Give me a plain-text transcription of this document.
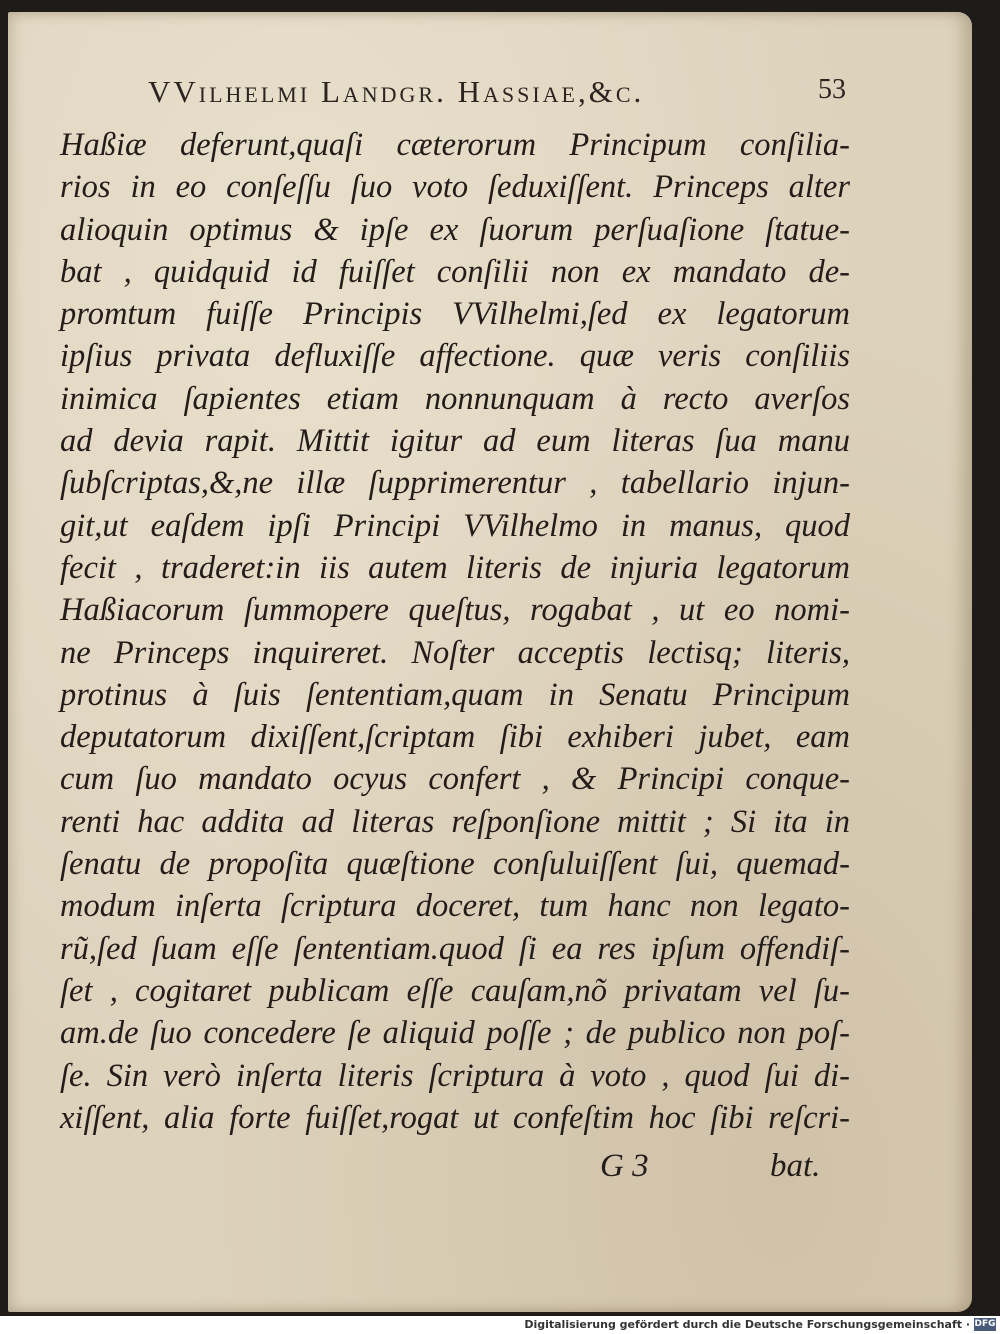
VVilhelmi Landgr. Hassiae,&c.	53
Haßiæ deferunt,quaſi cæterorum Principum conſilia-
rios in eo conſeſſu ſuo voto ſeduxiſſent. Princeps alter
alioquin optimus & ipſe ex ſuorum perſuaſione ſtatue-
bat , quidquid id fuiſſet conſilii non ex mandato de-
promtum fuiſſe Principis VVilhelmi,ſed ex legatorum
ipſius privata defluxiſſe affectione. quæ veris conſiliis
inimica ſapientes etiam nonnunquam à recto averſos
ad devia rapit. Mittit igitur ad eum literas ſua manu
ſubſcriptas,&,ne illæ ſupprimerentur , tabellario injun-
git,ut eaſdem ipſi Principi VVilhelmo in manus, quod
fecit , traderet:in iis autem literis de injuria legatorum
Haßiacorum ſummopere queſtus, rogabat , ut eo nomi-
ne Princeps inquireret. Noſter acceptis lectisq; literis,
protinus à ſuis ſententiam,quam in Senatu Principum
deputatorum dixiſſent,ſcriptam ſibi exhiberi jubet, eam
cum ſuo mandato ocyus confert , & Principi conque-
renti hac addita ad literas reſponſione mittit ; Si ita in
ſenatu de propoſita quæſtione conſuluiſſent ſui, quemad-
modum inſerta ſcriptura doceret, tum hanc non legato-
rũ,ſed ſuam eſſe ſententiam.quod ſi ea res ipſum offendiſ-
ſet , cogitaret publicam eſſe cauſam,nõ privatam vel ſu-
am.de ſuo concedere ſe aliquid poſſe ; de publico non poſ-
ſe. Sin verò inſerta literis ſcriptura à voto , quod ſui di-
xiſſent, alia forte fuiſſet,rogat ut confeſtim hoc ſibi reſcri-
G 3	bat.
Digitalisierung gefördert durch die Deutsche Forschungsgemeinschaft · DFG
